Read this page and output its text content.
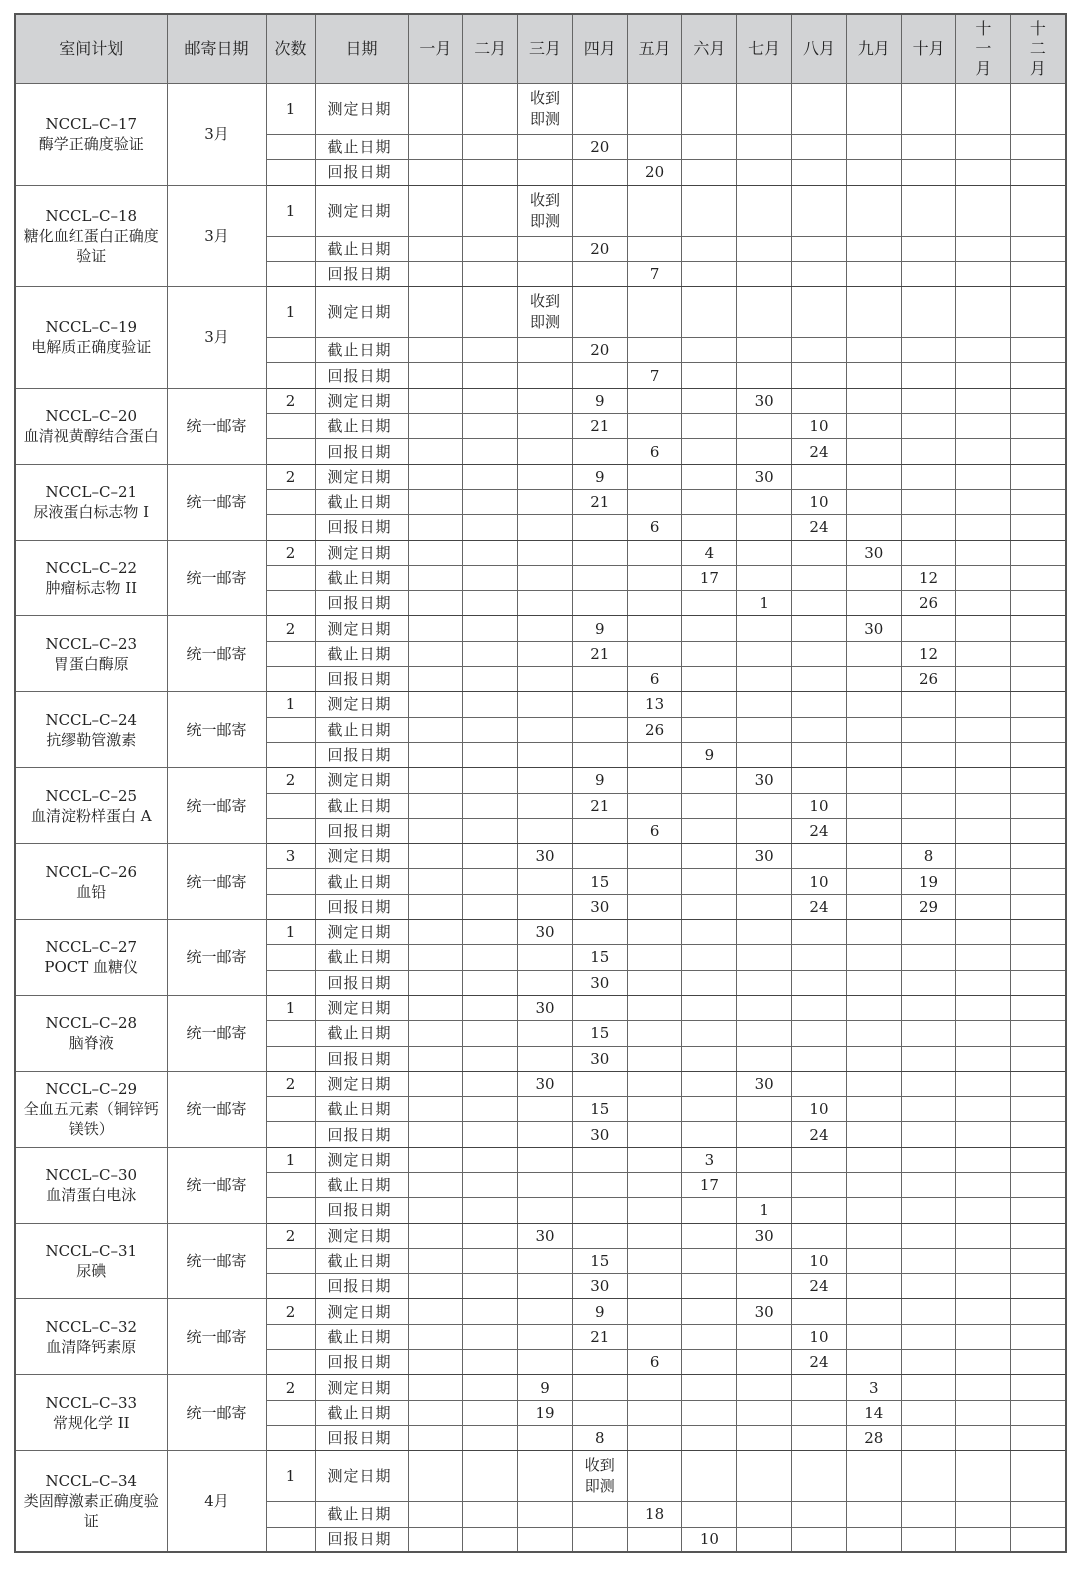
室间计划	邮寄日期	次数	日期	一月	二月	三月	四月	五月	六月	七月	八月	九月	十月	十一月	十二月

NCCL–C–17
酶学正确度验证	3月	1	测定日期			收到即测									
			截止日期				20								
			回报日期					20							

NCCL–C–18
糖化血红蛋白正确度验证	3月	1	测定日期			收到即测									
			截止日期				20								
			回报日期					7							

NCCL–C–19
电解质正确度验证	3月	1	测定日期			收到即测									
			截止日期				20								
			回报日期					7							

NCCL–C–20
血清视黄醇结合蛋白	统一邮寄	2	测定日期				9			30					
			截止日期				21				10				
			回报日期					6			24				

NCCL–C–21
尿液蛋白标志物 I	统一邮寄	2	测定日期				9			30					
			截止日期				21				10				
			回报日期					6			24				

NCCL–C–22
肿瘤标志物 II	统一邮寄	2	测定日期						4			30			
			截止日期						17				12		
			回报日期							1			26		

NCCL–C–23
胃蛋白酶原	统一邮寄	2	测定日期				9					30			
			截止日期				21						12		
			回报日期					6					26		

NCCL–C–24
抗缪勒管激素	统一邮寄	1	测定日期					13							
			截止日期					26							
			回报日期						9						

NCCL–C–25
血清淀粉样蛋白 A	统一邮寄	2	测定日期				9			30					
			截止日期				21				10				
			回报日期					6			24				

NCCL–C–26
血铅	统一邮寄	3	测定日期			30				30			8		
			截止日期				15				10		19		
			回报日期				30				24		29		

NCCL–C–27
POCT 血糖仪	统一邮寄	1	测定日期			30									
			截止日期				15								
			回报日期				30								

NCCL–C–28
脑脊液	统一邮寄	1	测定日期			30									
			截止日期				15								
			回报日期				30								

NCCL–C–29
全血五元素（铜锌钙镁铁）	统一邮寄	2	测定日期			30				30					
			截止日期				15				10				
			回报日期				30				24				

NCCL–C–30
血清蛋白电泳	统一邮寄	1	测定日期						3						
			截止日期						17						
			回报日期							1					

NCCL–C–31
尿碘	统一邮寄	2	测定日期			30				30					
			截止日期				15				10				
			回报日期				30				24				

NCCL–C–32
血清降钙素原	统一邮寄	2	测定日期				9			30					
			截止日期				21				10				
			回报日期					6			24				

NCCL–C–33
常规化学 II	统一邮寄	2	测定日期			9						3			
			截止日期			19						14			
			回报日期				8					28			

NCCL–C–34
类固醇激素正确度验证	4月	1	测定日期				收到即测								
			截止日期					18							
			回报日期						10						
